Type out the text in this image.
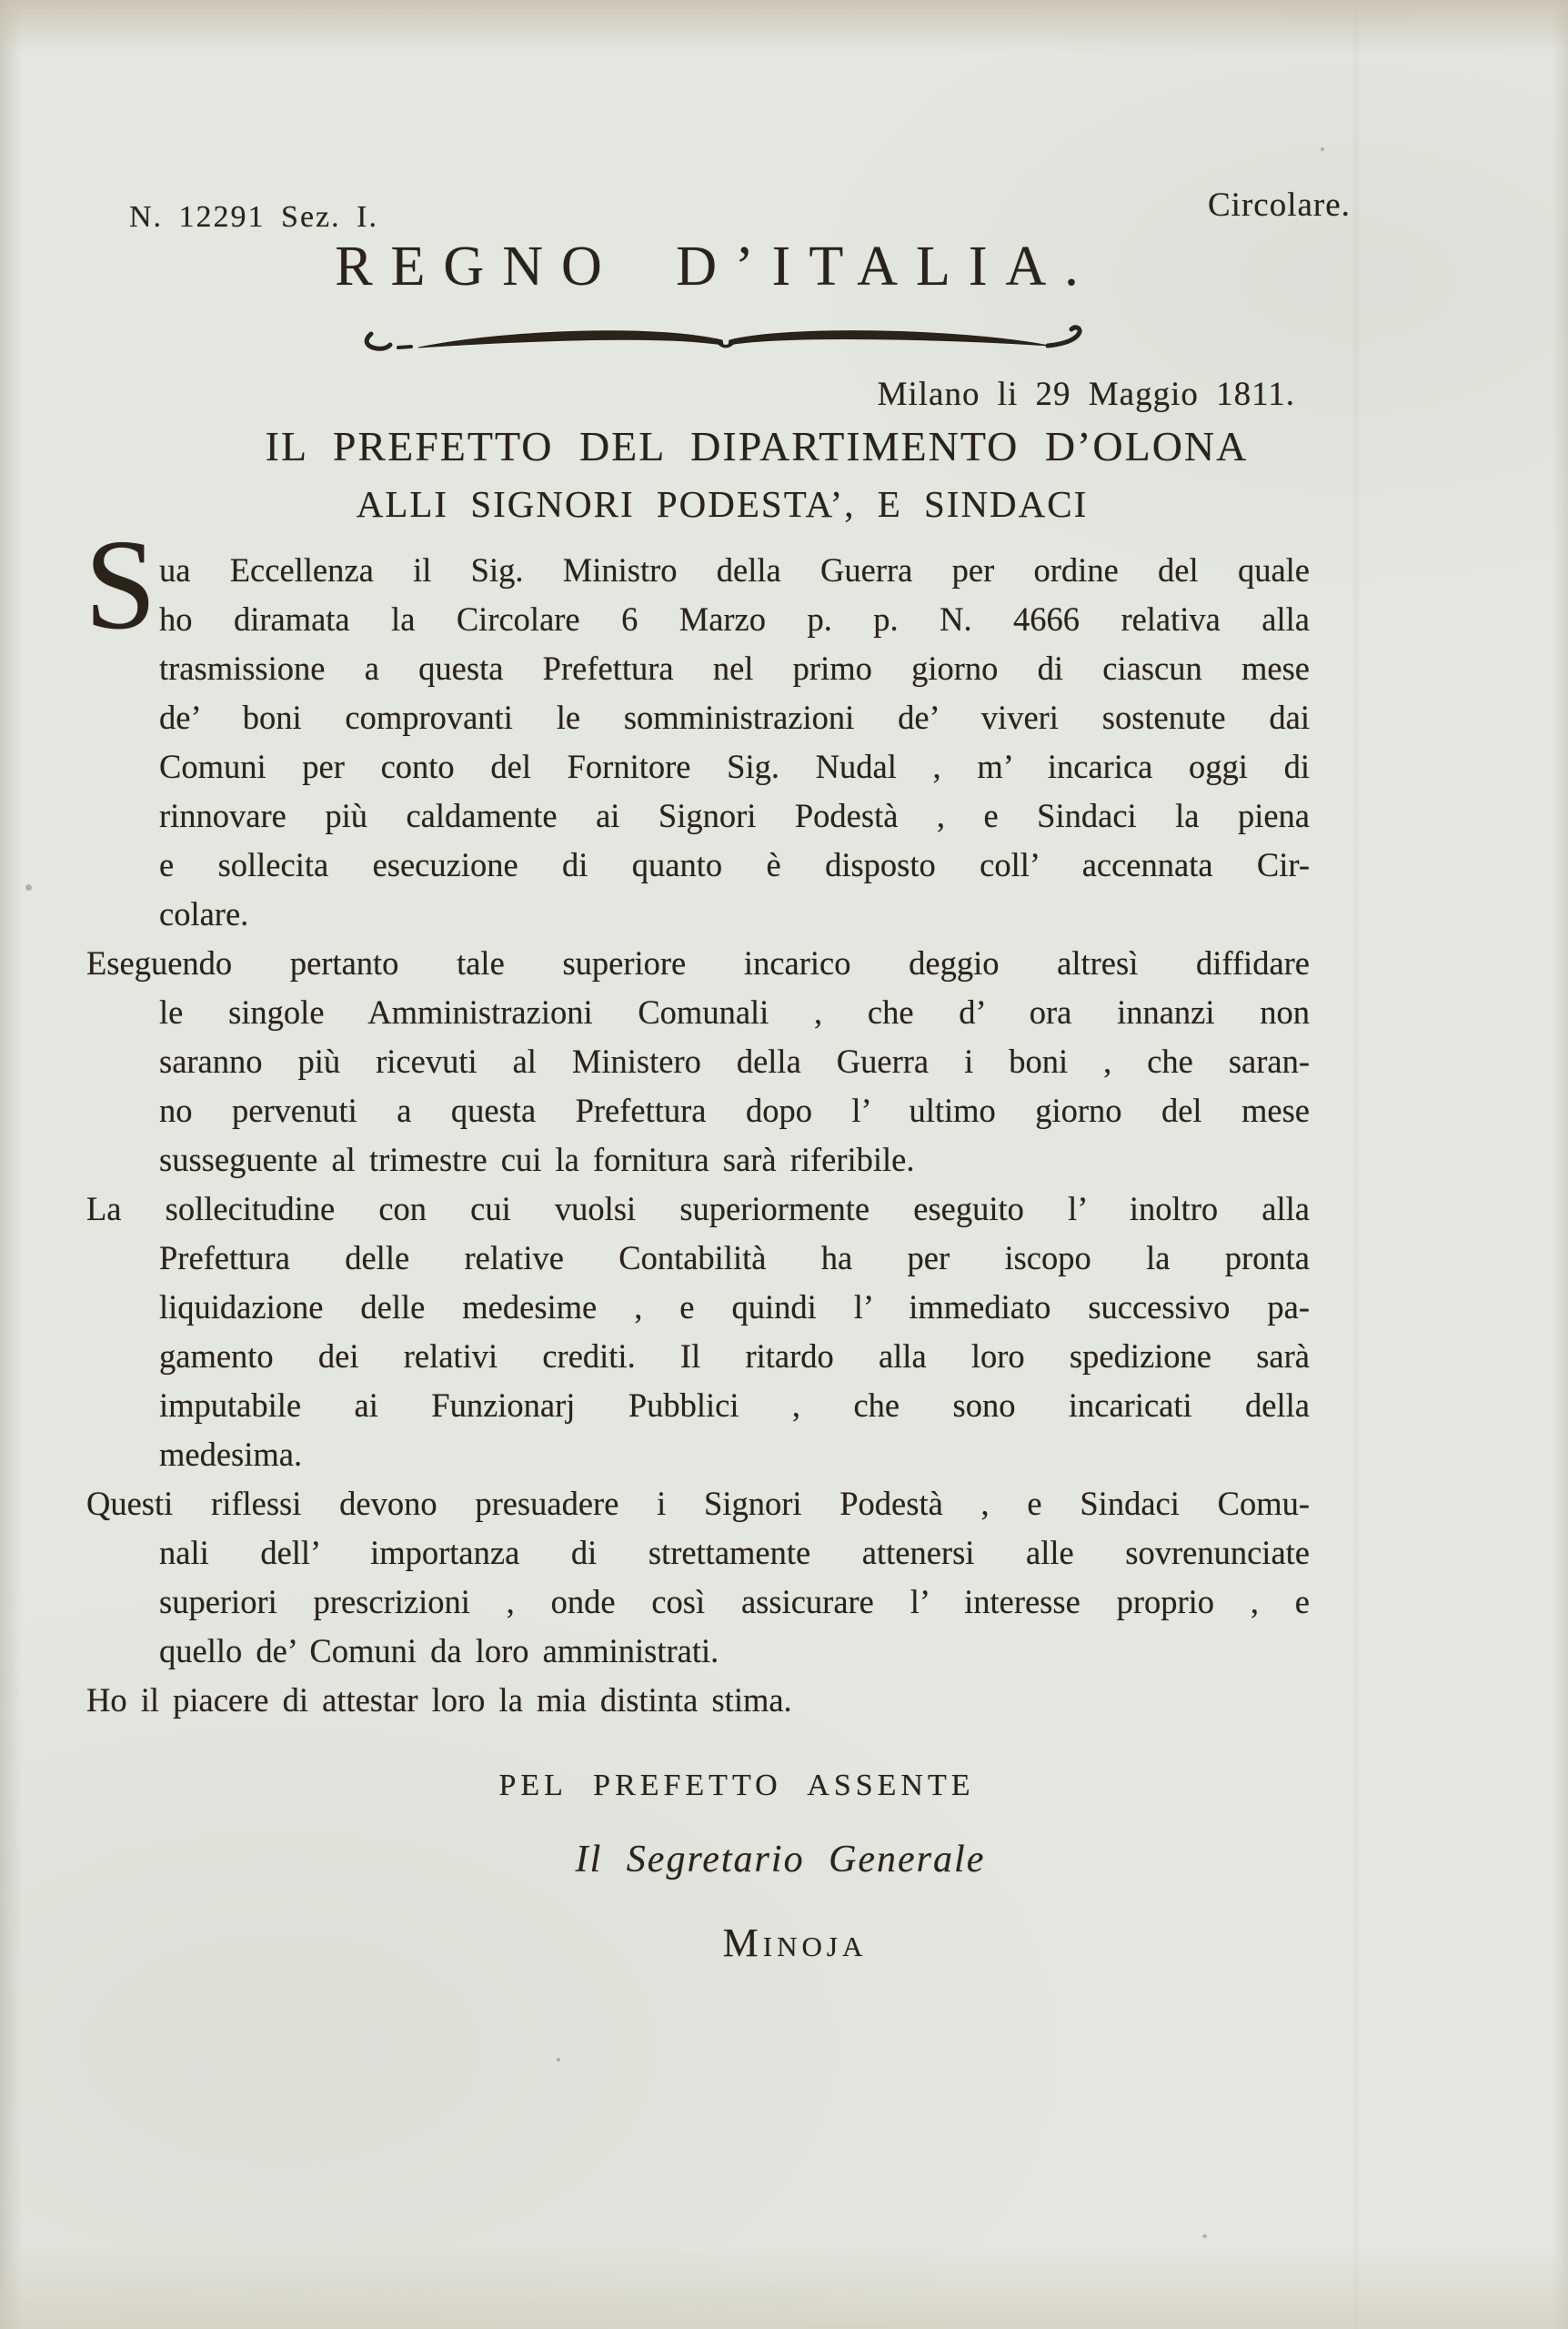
N. 12291 Sez. I.	Circolare.
REGNO D’ITALIA.
Milano li 29 Maggio 1811.
IL PREFETTO DEL DIPARTIMENTO D’OLONA
ALLI SIGNORI PODESTA’, E SINDACI
S ua Eccellenza il Sig. Ministro della Guerra per ordine del quale
ho diramata la Circolare 6 Marzo p. p. N. 4666 relativa alla
trasmissione a questa Prefettura nel primo giorno di ciascun mese
de’ boni comprovanti le somministrazioni de’ viveri sostenute dai
Comuni per conto del Fornitore Sig. Nudal , m’ incarica oggi di
rinnovare più caldamente ai Signori Podestà , e Sindaci la piena
e sollecita esecuzione di quanto è disposto coll’ accennata Cir-
colare.
Eseguendo pertanto tale superiore incarico deggio altresì diffidare
le singole Amministrazioni Comunali , che d’ ora innanzi non
saranno più ricevuti al Ministero della Guerra i boni , che saran-
no pervenuti a questa Prefettura dopo l’ ultimo giorno del mese
susseguente al trimestre cui la fornitura sarà riferibile.
La sollecitudine con cui vuolsi superiormente eseguito l’ inoltro alla
Prefettura delle relative Contabilità ha per iscopo la pronta
liquidazione delle medesime , e quindi l’ immediato successivo pa-
gamento dei relativi crediti. Il ritardo alla loro spedizione sarà
imputabile ai Funzionarj Pubblici , che sono incaricati della
medesima.
Questi riflessi devono presuadere i Signori Podestà , e Sindaci Comu-
nali dell’ importanza di strettamente attenersi alle sovrenunciate
superiori prescrizioni , onde così assicurare l’ interesse proprio , e
quello de’ Comuni da loro amministrati.
Ho il piacere di attestar loro la mia distinta stima.
PEL PREFETTO ASSENTE
Il Segretario Generale
Minoja
